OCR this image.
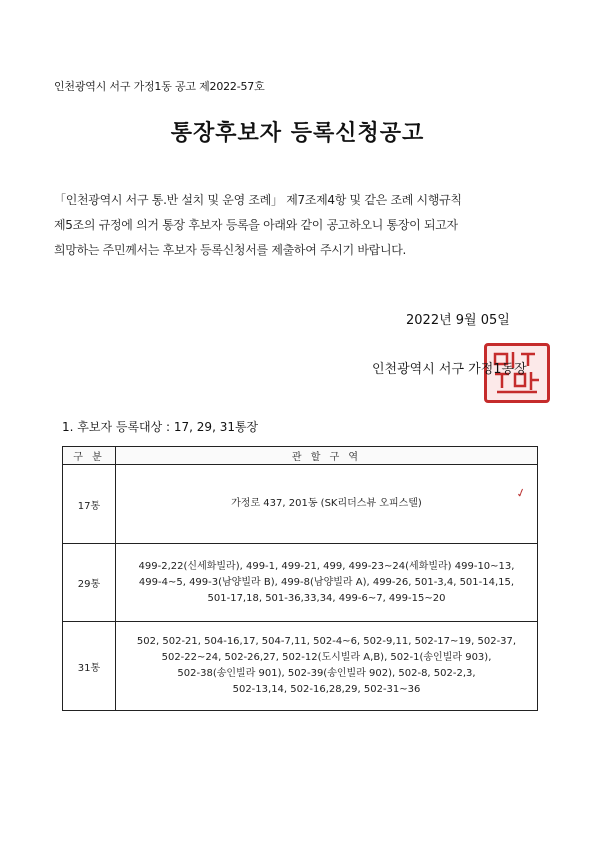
인천광역시 서구 가정1동 공고 제2022-57호
통장후보자 등록신청공고
「인천광역시 서구 통.반 설치 및 운영 조례」 제7조제4항 및 같은 조례 시행규칙
제5조의 규정에 의거 통장 후보자 등록을 아래와 같이 공고하오니 통장이 되고자
희망하는 주민께서는 후보자 등록신청서를 제출하여 주시기 바랍니다.
2022년 9월 05일
인천광역시 서구 가정1동장
1. 후보자 등록대상 : 17, 29, 31통장
구 분	관 할 구 역
17통	가정로 437, 201동 (SK리더스뷰 오피스텔)

29통	499-2,22(신세화빌라), 499-1, 499-21, 499, 499-23~24(세화빌라) 499-10~13,
499-4~5, 499-3(남양빌라 B), 499-8(남양빌라 A), 499-26, 501-3,4, 501-14,15,
501-17,18, 501-36,33,34, 499-6~7, 499-15~20

31통	502, 502-21, 504-16,17, 504-7,11, 502-4~6, 502-9,11, 502-17~19, 502-37,
502-22~24, 502-26,27, 502-12(도시빌라 A,B), 502-1(송인빌라 903),
502-38(송인빌라 901), 502-39(송인빌라 902), 502-8, 502-2,3,
502-13,14, 502-16,28,29, 502-31~36
✓
